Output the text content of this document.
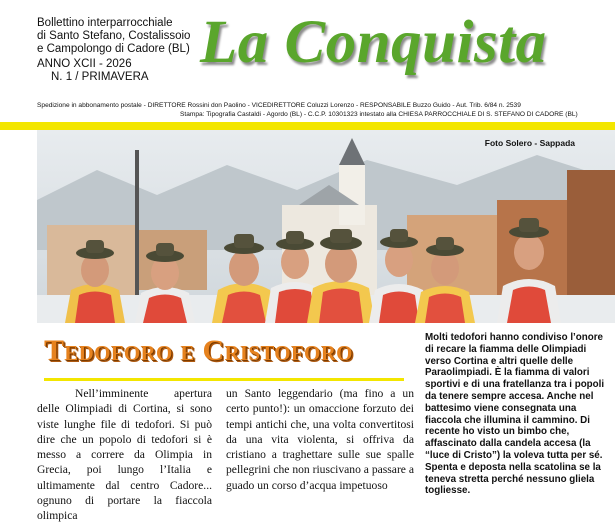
Bollettino interparrocchiale
di Santo Stefano, Costalissoio
e Campolongo di Cadore (BL)
ANNO XCII - 2026
N. 1 / PRIMAVERA
La Conquista
Spedizione in abbonamento postale - DIRETTORE Rossini don Paolino - VICEDIRETTORE Coluzzi Lorenzo - RESPONSABILE Buzzo Guido - Aut. Trib. 6/84 n. 2539
Stampa: Tipografia Castaldi - Agordo (BL) - C.C.P. 10301323 intestato alla CHIESA PARROCCHIALE DI S. STEFANO DI CADORE (BL)
Foto Solero - Sappada
Tedoforo e Cristoforo
Nell’imminente apertura delle Olimpiadi di Cortina, si sono viste lunghe file di tedofori. Si può dire che un popolo di tedofori si è messo a correre da Olimpia in Grecia, poi lungo l’Italia e ultimamente dal centro Cadore... ognuno di portare la fiaccola olimpica
un Santo leggendario (ma fino a un certo punto!): un omaccione forzuto dei tempi antichi che, una volta convertitosi da una vita violenta, si offriva da cristiano a traghettare sulle sue spalle pellegrini che non riuscivano a passare a guado un corso d’acqua impetuoso
Molti tedofori hanno condiviso l’onore di recare la fiamma delle Olimpiadi verso Cortina e altri quelle delle Paraolimpiadi. È la fiamma di valori sportivi e di una fratellanza tra i popoli da tenere sempre accesa. Anche nel battesimo viene consegnata una fiaccola che illumina il cammino. Di recente ho visto un bimbo che, affascinato dalla candela accesa (la “luce di Cristo”) la voleva tutta per sé. Spenta e deposta nella scatolina se la teneva stretta perché nessuno gliela togliesse.
